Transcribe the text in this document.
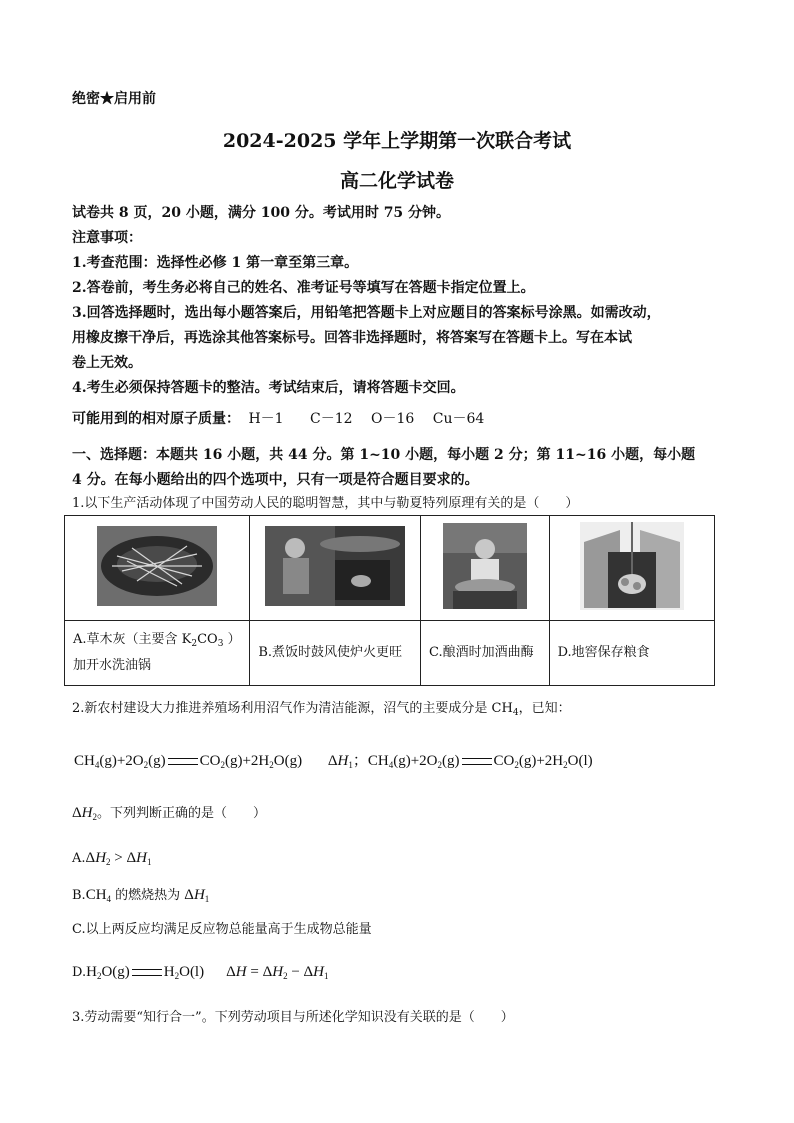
绝密★启用前
2024-2025 学年上学期第一次联合考试
高二化学试卷
试卷共 8 页，20 小题，满分 100 分。考试用时 75 分钟。
注意事项：
1.考查范围：选择性必修 1 第一章至第三章。
2.答卷前，考生务必将自己的姓名、准考证号等填写在答题卡指定位置上。
3.回答选择题时，选出每小题答案后，用铅笔把答题卡上对应题目的答案标号涂黑。如需改动，
用橡皮擦干净后，再选涂其他答案标号。回答非选择题时，将答案写在答题卡上。写在本试
卷上无效。
4.考生必须保持答题卡的整洁。考试结束后，请将答题卡交回。
可能用到的相对原子质量： H－1 C－12 O－16 Cu－64
一、选择题：本题共 16 小题，共 44 分。第 1~10 小题，每小题 2 分；第 11~16 小题，每小题
4 分。在每小题给出的四个选项中，只有一项是符合题目要求的。
1.以下生产活动体现了中国劳动人民的聪明智慧，其中与勒夏特列原理有关的是（　　）

A.草木灰（主要含 $K_2CO_3$ ）
加开水洗油锅	B.煮饭时鼓风使炉火更旺	C.酿酒时加酒曲酶	D.地窖保存粮食
2.新农村建设大力推进养殖场利用沼气作为清洁能源，沼气的主要成分是 $CH_4$，已知：
$CH_4(g)+2O_2(g)$ $CO_2(g)+2H_2O(g)$ $\Delta H_1$；$CH_4(g)+2O_2(g)$ $CO_2(g)+2H_2O(l)$
$\Delta H_2$。下列判断正确的是（　　）
$A.\Delta H_2 > \Delta H_1$
$B.CH_4$ 的燃烧热为 $\Delta H_1$
C.以上两反应均满足反应物总能量高于生成物总能量
$D.H_2O(g)$ $H_2O(l) \Delta H = \Delta H_2 - \Delta H_1$
3.劳动需要“知行合一”。下列劳动项目与所述化学知识没有关联的是（　　）
